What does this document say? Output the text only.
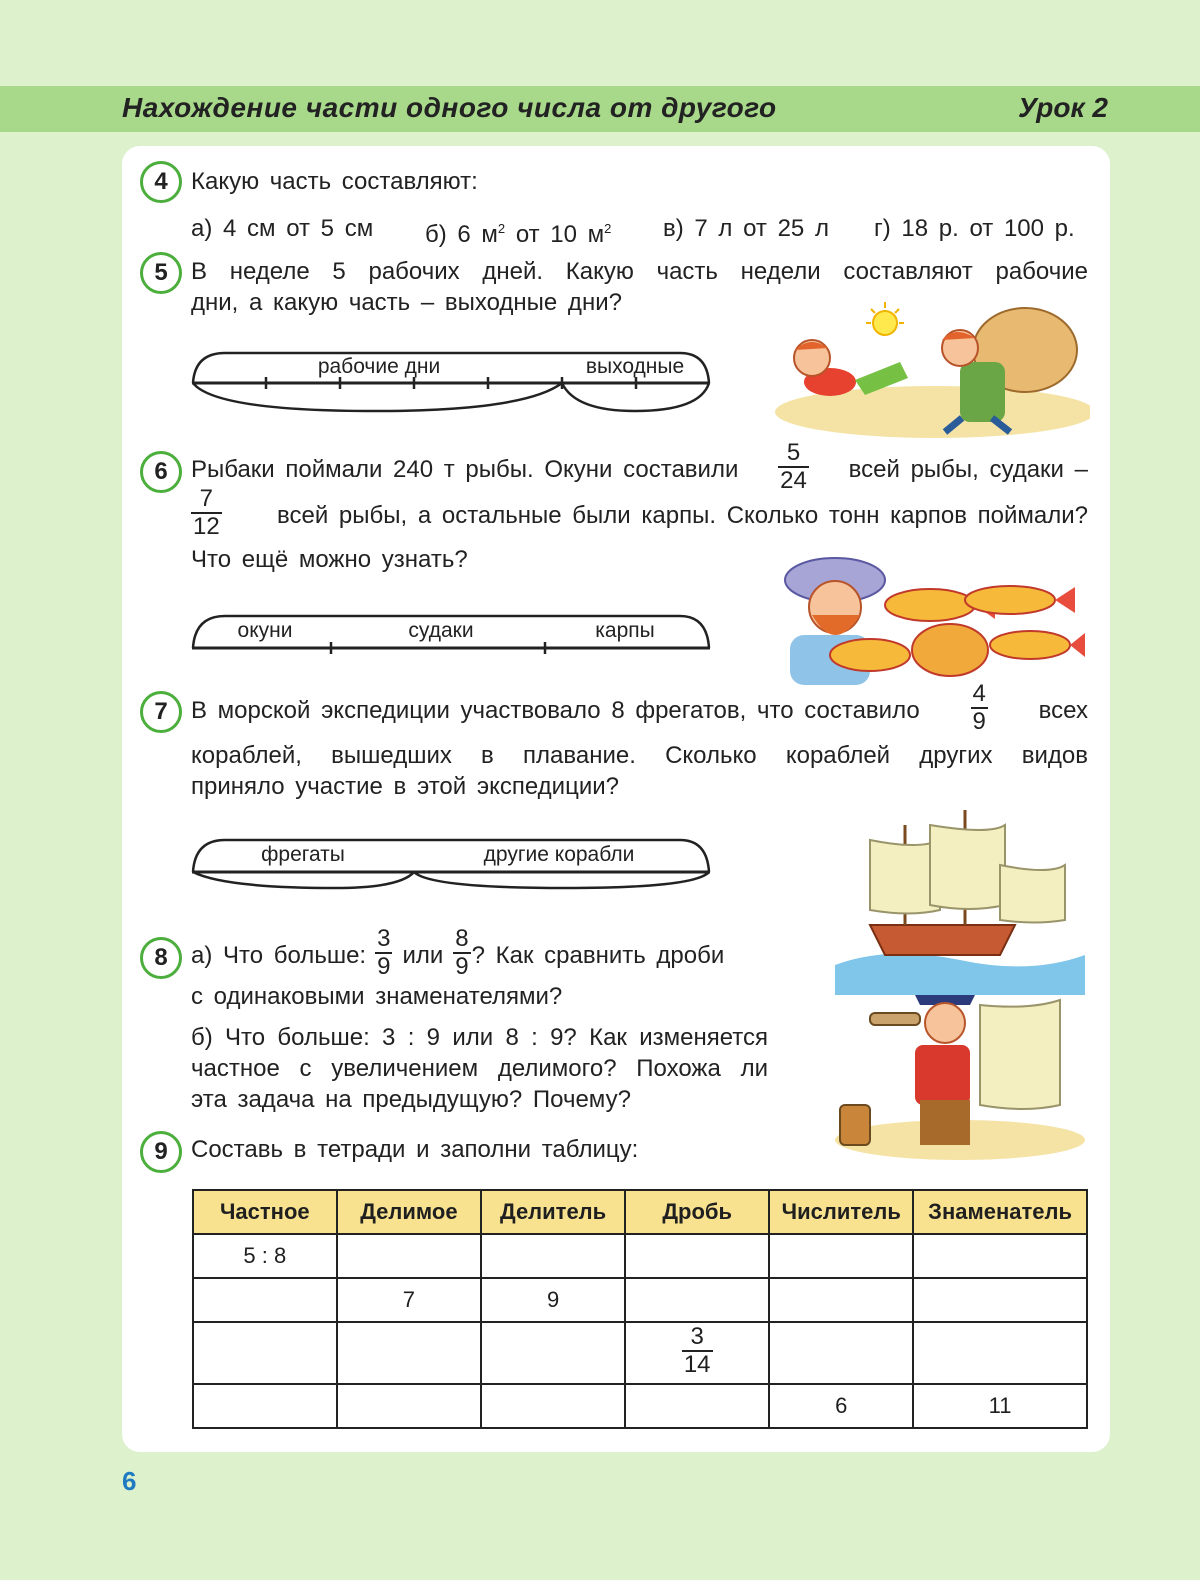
Нахождение части одного числа от другого	Урок 2
4 Какую часть составляют:
а) 4 см от 5 см б) 6 $м^2$ от 10 $м^2$ в) 7 л от 25 л г) 18 р. от 100 р.
5 В неделе 5 рабочих дней. Какую часть недели составляют рабочие
дни, а какую часть – выходные дни?
рабочие дни	выходные
6 Рыбаки поймали 240 т рыбы. Окуни составили $\frac{5}{24}$ всей рыбы, судаки –
$\frac{7}{12}$ всей рыбы, а остальные были карпы. Сколько тонн карпов поймали?
Что ещё можно узнать?
окуни	судаки	карпы
7 В морской экспедиции участвовало 8 фрегатов, что составило $\frac{4}{9}$ всех
кораблей, вышедших в плавание. Сколько кораблей других видов
приняло участие в этой экспедиции?
фрегаты	другие корабли
8 а) Что больше: $\frac{3}{9}$ или $\frac{8}{9}$ ? Как сравнить дроби
с одинаковыми знаменателями?
б) Что больше: 3 : 9 или 8 : 9? Как изменяется
частное с увеличением делимого? Похожа ли
эта задача на предыдущую? Почему?
9 Составь в тетради и заполни таблицу:
Частное	Делимое	Делитель	Дробь	Числитель	Знаменатель
5 : 8					
	7	9			

			$\frac{3}{14}$

				6	11
6
